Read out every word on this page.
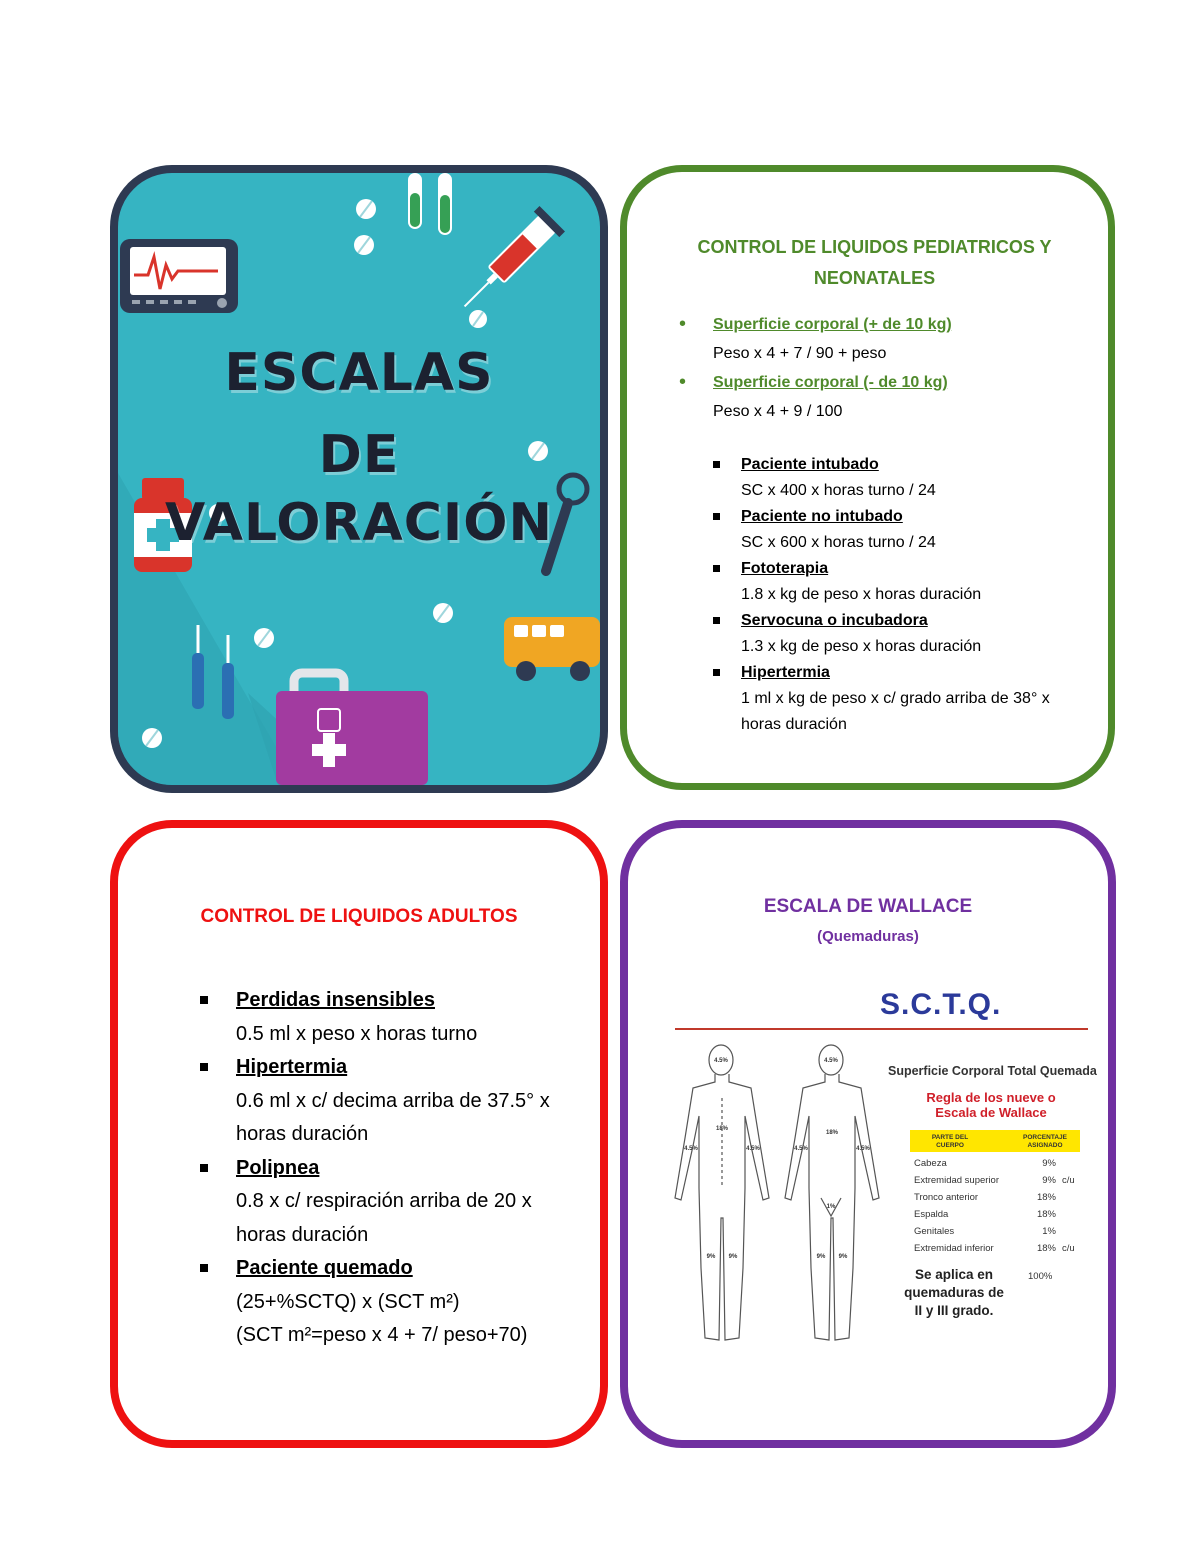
ESCALAS
DE
VALORACIÓN
CONTROL DE LIQUIDOS PEDIATRICOS Y
NEONATALES
• Superficie corporal (+ de 10 kg)
Peso x 4 + 7 / 90 + peso
• Superficie corporal (- de 10 kg)
Peso x 4 + 9 / 100
Paciente intubado
SC x 400 x horas turno / 24
Paciente no intubado
SC x 600 x horas turno / 24
Fototerapia
1.8 x kg de peso x horas duración
Servocuna o incubadora
1.3 x kg de peso x horas duración
Hipertermia
1 ml x kg de peso x c/ grado arriba de 38° x horas duración
CONTROL DE LIQUIDOS ADULTOS
Perdidas insensibles
0.5 ml x peso x horas turno
Hipertermia
0.6 ml x c/ decima arriba de 37.5° x horas duración
Polipnea
0.8 x c/ respiración arriba de 20 x horas duración
Paciente quemado
(25+%SCTQ) x (SCT m²)
(SCT m²=peso x 4 + 7/ peso+70)
ESCALA DE WALLACE
(Quemaduras)
S.C.T.Q.
4.5%
18%
4.5%	4.5%
9% 9%
4.5%
18%
4.5%	4.5%
1%
9% 9%
Superficie Corporal Total Quemada
Regla de los nueve o
Escala de Wallace
PARTE DEL CUERPO
PORCENTAJE ASIGNADO
Cabeza	9%
Extremidad superior	9% c/u
Tronco anterior	18%
Espalda	18%
Genitales	1%
Extremidad inferior	18% c/u
Se aplica en
quemaduras de
II y III grado.
100%
